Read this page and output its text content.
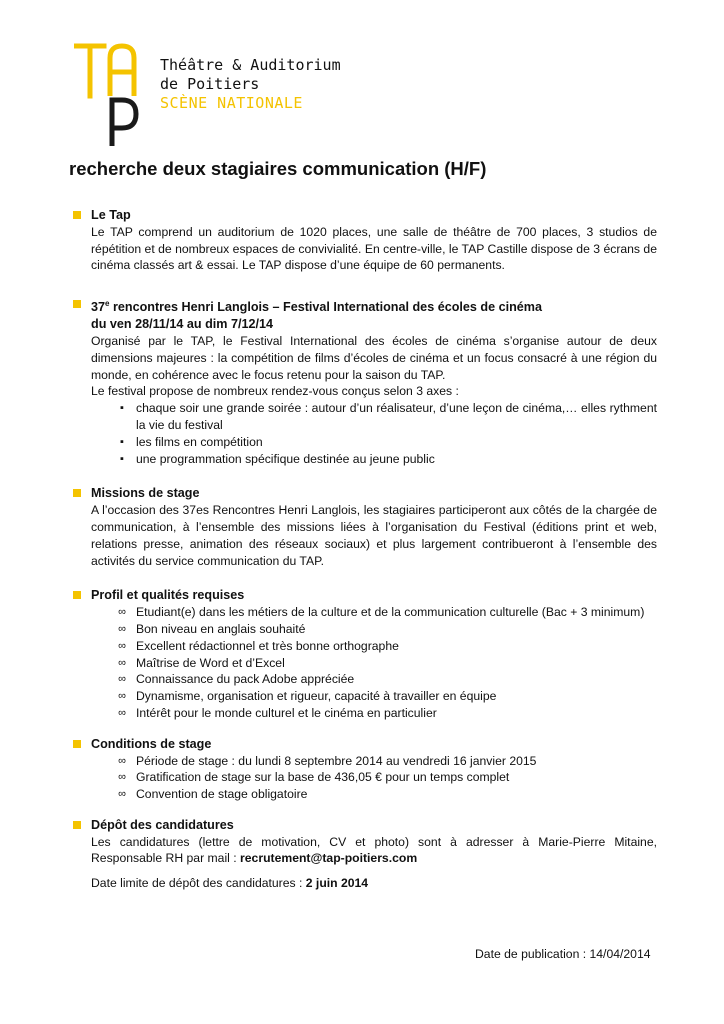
Théâtre & Auditorium
de Poitiers
SCÈNE NATIONALE
recherche deux stagiaires communication (H/F)
Le Tap

Le TAP comprend un auditorium de 1020 places, une salle de théâtre de 700 places, 3 studios de répétition et de nombreux espaces de convivialité. En centre-ville, le TAP Castille dispose de 3 écrans de cinéma classés art & essai. Le TAP dispose d’une équipe de 60 permanents.

37e rencontres Henri Langlois – Festival International des écoles de cinéma
du ven 28/11/14 au dim 7/12/14

Organisé par le TAP, le Festival International des écoles de cinéma s’organise autour de deux dimensions majeures : la compétition de films d’écoles de cinéma et un focus consacré à une région du monde, en cohérence avec le focus retenu pour la saison du TAP.

Le festival propose de nombreux rendez-vous conçus selon 3 axes :

▪ chaque soir une grande soirée : autour d’un réalisateur, d’une leçon de cinéma,… elles rythment la vie du festival
▪ les films en compétition
▪ une programmation spécifique destinée au jeune public
Missions de stage

A l’occasion des 37es Rencontres Henri Langlois, les stagiaires participeront aux côtés de la chargée de communication, à l’ensemble des missions liées à l’organisation du Festival (éditions print et web, relations presse, animation des réseaux sociaux) et plus largement contribueront à l’ensemble des activités du service communication du TAP.

Profil et qualités requises
∞ Etudiant(e) dans les métiers de la culture et de la communication culturelle (Bac + 3 minimum)
∞ Bon niveau en anglais souhaité
∞ Excellent rédactionnel et très bonne orthographe
∞ Maîtrise de Word et d’Excel
∞ Connaissance du pack Adobe appréciée
∞ Dynamisme, organisation et rigueur, capacité à travailler en équipe
∞ Intérêt pour le monde culturel et le cinéma en particulier
Conditions de stage
∞ Période de stage : du lundi 8 septembre 2014 au vendredi 16 janvier 2015
∞ Gratification de stage sur la base de 436,05 € pour un temps complet
∞ Convention de stage obligatoire
Dépôt des candidatures

Les candidatures (lettre de motivation, CV et photo) sont à adresser à Marie-Pierre Mitaine, Responsable RH par mail : recrutement@tap-poitiers.com

Date limite de dépôt des candidatures : 2 juin 2014

Date de publication : 14/04/2014
